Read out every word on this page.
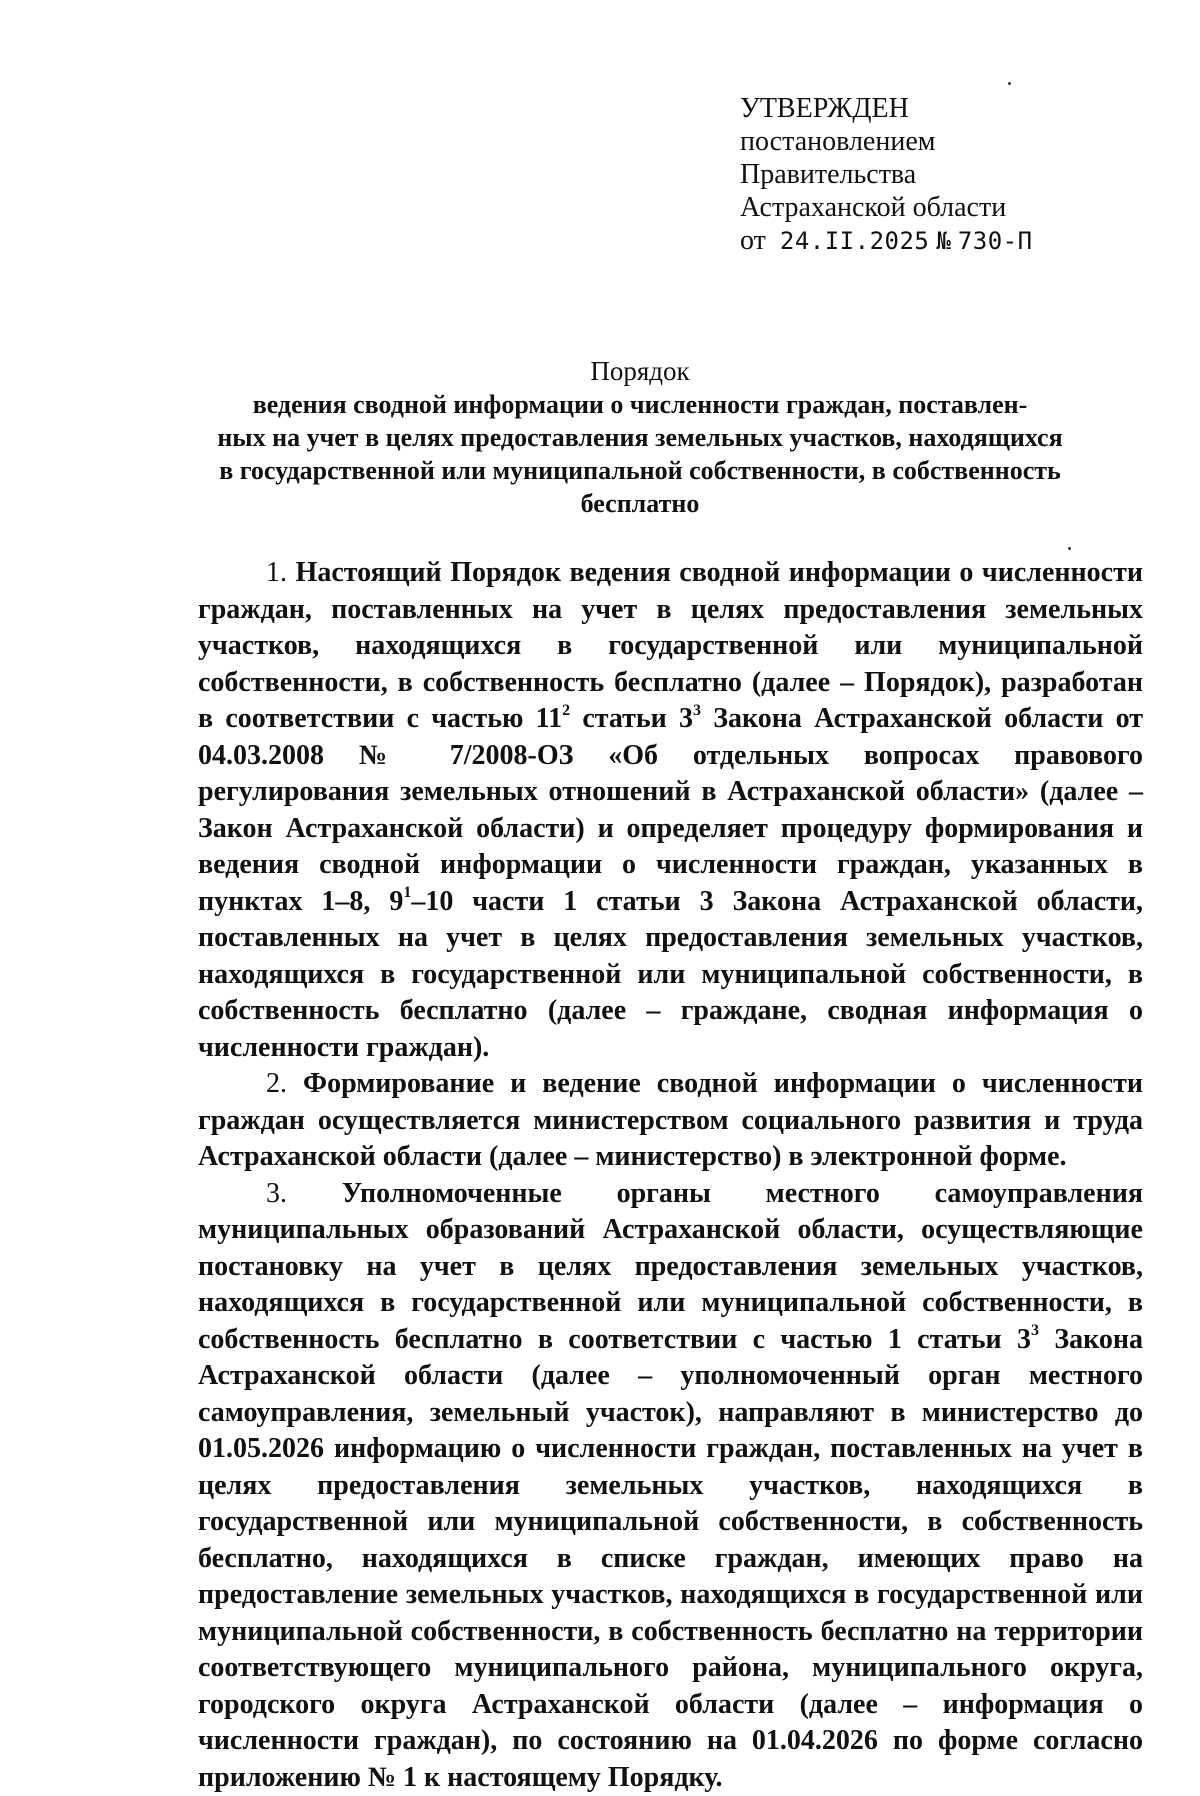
УТВЕРЖДЕН
постановлением
Правительства
Астраханской области
от 24.II.2025 № 730-П
Порядок
ведения сводной информации о численности граждан, поставлен-
ных на учет в целях предоставления земельных участков, находящихся
в государственной или муниципальной собственности, в собственность
бесплатно

1. Настоящий Порядок ведения сводной информации о численности граждан, поставленных на учет в целях предоставления земельных участков, находящихся в государственной или муниципальной собственности, в собственность бесплатно (далее – Порядок), разработан в соответствии с частью $11^2$ статьи $3^3$ Закона Астраханской области от 04.03.2008 № 7/2008-ОЗ «Об отдельных вопросах правового регулирования земельных отношений в Астраханской области» (далее – Закон Астраханской области) и определяет процедуру формирования и ведения сводной информации о численности граждан, указанных в пунктах 1–8, $9^1-10$ части 1 статьи 3 Закона Астраханской области, поставленных на учет в целях предоставления земельных участков, находящихся в государственной или муниципальной собственности, в собственность бесплатно (далее – граждане, сводная информация о численности граждан).

2. Формирование и ведение сводной информации о численности граждан осуществляется министерством социального развития и труда Астраханской области (далее – министерство) в электронной форме.

3. Уполномоченные органы местного самоуправления муниципальных образований Астраханской области, осуществляющие постановку на учет в целях предоставления земельных участков, находящихся в государственной или муниципальной собственности, в собственность бесплатно в соответствии с частью 1 статьи $3^3$ Закона Астраханской области (далее – уполномоченный орган местного самоуправления, земельный участок), направляют в министерство до 01.05.2026 информацию о численности граждан, поставленных на учет в целях предоставления земельных участков, находящихся в государственной или муниципальной собственности, в собственность бесплатно, находящихся в списке граждан, имеющих право на предоставление земельных участков, находящихся в государственной или муниципальной собственности, в собственность бесплатно на территории соответствующего муниципального района, муниципального округа, городского округа Астраханской области (далее – информация о численности граждан), по состоянию на 01.04.2026 по форме согласно приложению № 1 к настоящему Порядку.
